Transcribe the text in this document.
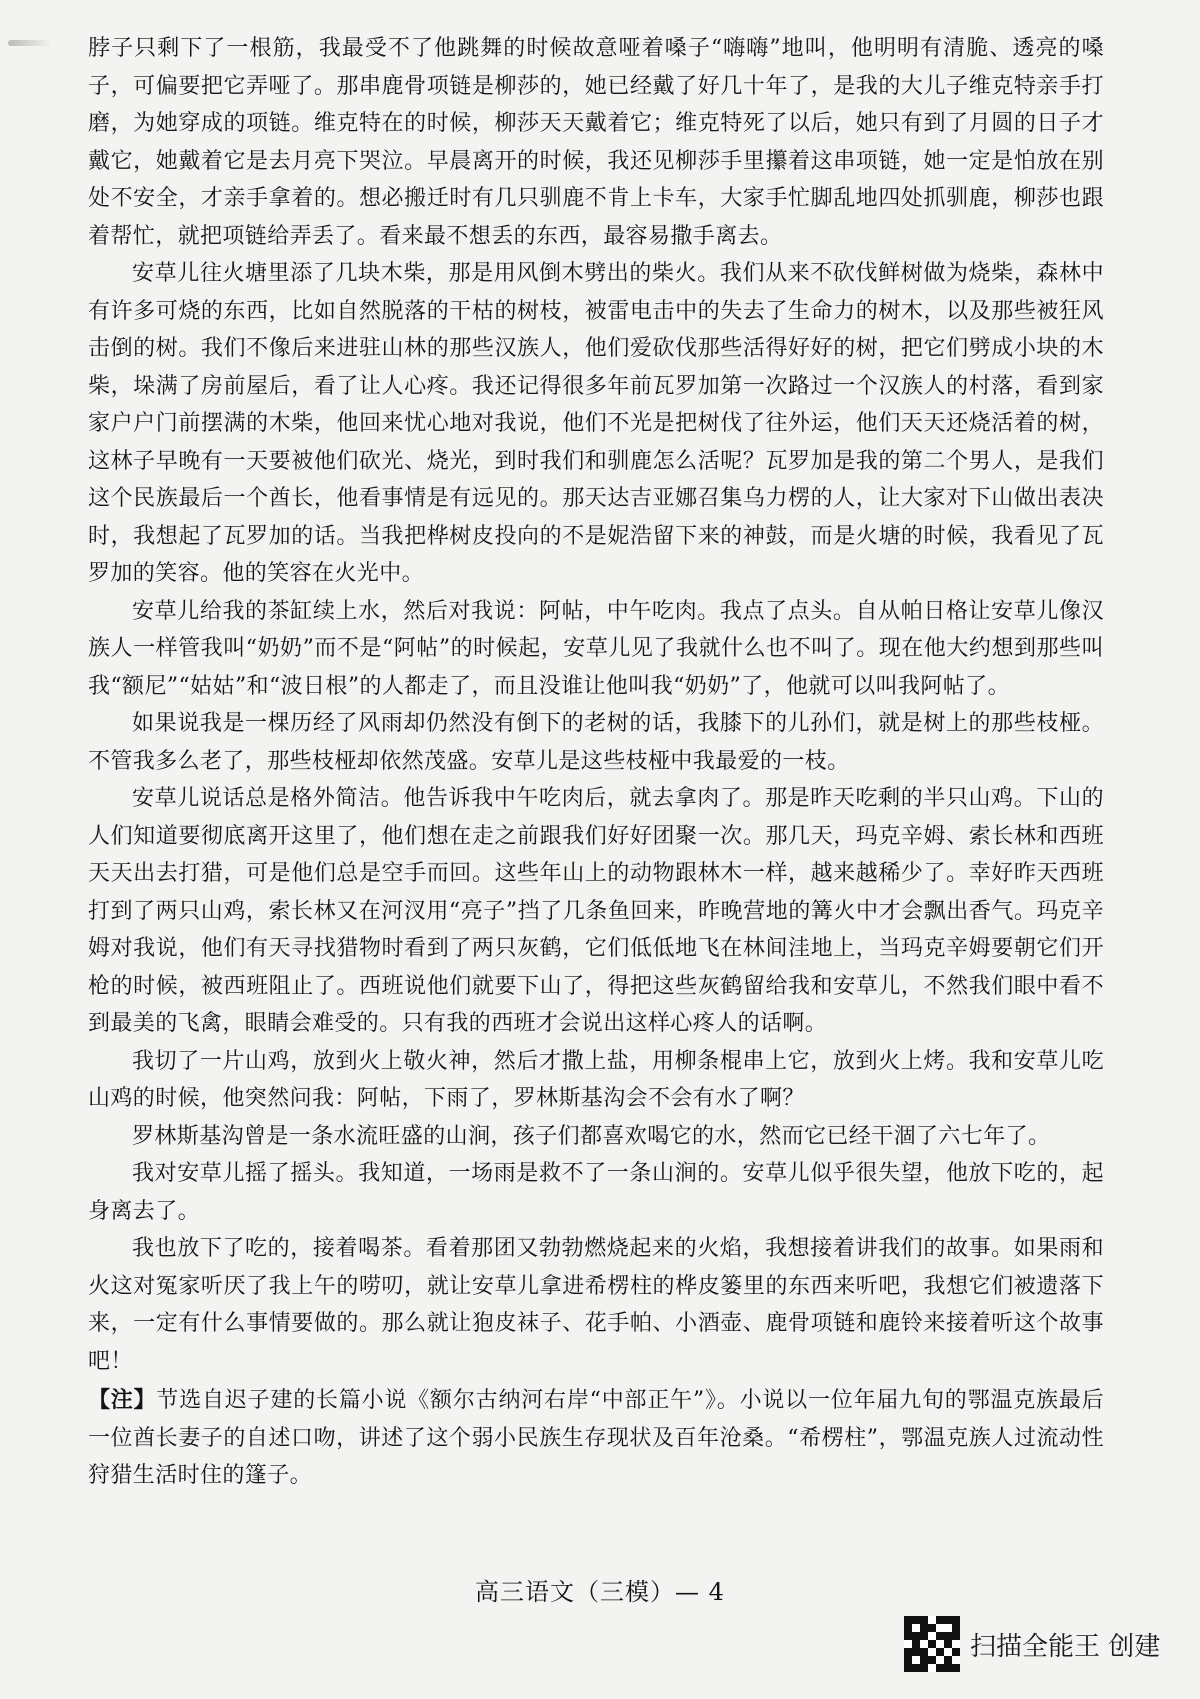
脖子只剩下了一根筋，我最受不了他跳舞的时候故意哑着嗓子“嗨嗨”地叫，他明明有清脆、透亮的嗓子，可偏要把它弄哑了。那串鹿骨项链是柳莎的，她已经戴了好几十年了，是我的大儿子维克特亲手打磨，为她穿成的项链。维克特在的时候，柳莎天天戴着它；维克特死了以后，她只有到了月圆的日子才戴它，她戴着它是去月亮下哭泣。早晨离开的时候，我还见柳莎手里攥着这串项链，她一定是怕放在别处不安全，才亲手拿着的。想必搬迁时有几只驯鹿不肯上卡车，大家手忙脚乱地四处抓驯鹿，柳莎也跟着帮忙，就把项链给弄丢了。看来最不想丢的东西，最容易撒手离去。

安草儿往火塘里添了几块木柴，那是用风倒木劈出的柴火。我们从来不砍伐鲜树做为烧柴，森林中有许多可烧的东西，比如自然脱落的干枯的树枝，被雷电击中的失去了生命力的树木，以及那些被狂风击倒的树。我们不像后来进驻山林的那些汉族人，他们爱砍伐那些活得好好的树，把它们劈成小块的木柴，垛满了房前屋后，看了让人心疼。我还记得很多年前瓦罗加第一次路过一个汉族人的村落，看到家家户户门前摆满的木柴，他回来忧心地对我说，他们不光是把树伐了往外运，他们天天还烧活着的树，这林子早晚有一天要被他们砍光、烧光，到时我们和驯鹿怎么活呢？瓦罗加是我的第二个男人，是我们这个民族最后一个酋长，他看事情是有远见的。那天达吉亚娜召集乌力楞的人，让大家对下山做出表决时，我想起了瓦罗加的话。当我把桦树皮投向的不是妮浩留下来的神鼓，而是火塘的时候，我看见了瓦罗加的笑容。他的笑容在火光中。

安草儿给我的茶缸续上水，然后对我说：阿帖，中午吃肉。我点了点头。自从帕日格让安草儿像汉族人一样管我叫“奶奶”而不是“阿帖”的时候起，安草儿见了我就什么也不叫了。现在他大约想到那些叫我“额尼”“姑姑”和“波日根”的人都走了，而且没谁让他叫我“奶奶”了，他就可以叫我阿帖了。

如果说我是一棵历经了风雨却仍然没有倒下的老树的话，我膝下的儿孙们，就是树上的那些枝桠。不管我多么老了，那些枝桠却依然茂盛。安草儿是这些枝桠中我最爱的一枝。

安草儿说话总是格外简洁。他告诉我中午吃肉后，就去拿肉了。那是昨天吃剩的半只山鸡。下山的人们知道要彻底离开这里了，他们想在走之前跟我们好好团聚一次。那几天，玛克辛姆、索长林和西班天天出去打猎，可是他们总是空手而回。这些年山上的动物跟林木一样，越来越稀少了。幸好昨天西班打到了两只山鸡，索长林又在河汊用“亮子”挡了几条鱼回来，昨晚营地的篝火中才会飘出香气。玛克辛姆对我说，他们有天寻找猎物时看到了两只灰鹤，它们低低地飞在林间洼地上，当玛克辛姆要朝它们开枪的时候，被西班阻止了。西班说他们就要下山了，得把这些灰鹤留给我和安草儿，不然我们眼中看不到最美的飞禽，眼睛会难受的。只有我的西班才会说出这样心疼人的话啊。

我切了一片山鸡，放到火上敬火神，然后才撒上盐，用柳条棍串上它，放到火上烤。我和安草儿吃山鸡的时候，他突然问我：阿帖，下雨了，罗林斯基沟会不会有水了啊？

罗林斯基沟曾是一条水流旺盛的山涧，孩子们都喜欢喝它的水，然而它已经干涸了六七年了。

我对安草儿摇了摇头。我知道，一场雨是救不了一条山涧的。安草儿似乎很失望，他放下吃的，起身离去了。

我也放下了吃的，接着喝茶。看着那团又勃勃燃烧起来的火焰，我想接着讲我们的故事。如果雨和火这对冤家听厌了我上午的唠叨，就让安草儿拿进希楞柱的桦皮篓里的东西来听吧，我想它们被遗落下来，一定有什么事情要做的。那么就让狍皮袜子、花手帕、小酒壶、鹿骨项链和鹿铃来接着听这个故事吧！

【注】节选自迟子建的长篇小说《额尔古纳河右岸“中部正午”》。小说以一位年届九旬的鄂温克族最后一位酋长妻子的自述口吻，讲述了这个弱小民族生存现状及百年沧桑。“希楞柱”，鄂温克族人过流动性狩猎生活时住的篷子。

高三语文（三模）— 4
扫描全能王 创建
